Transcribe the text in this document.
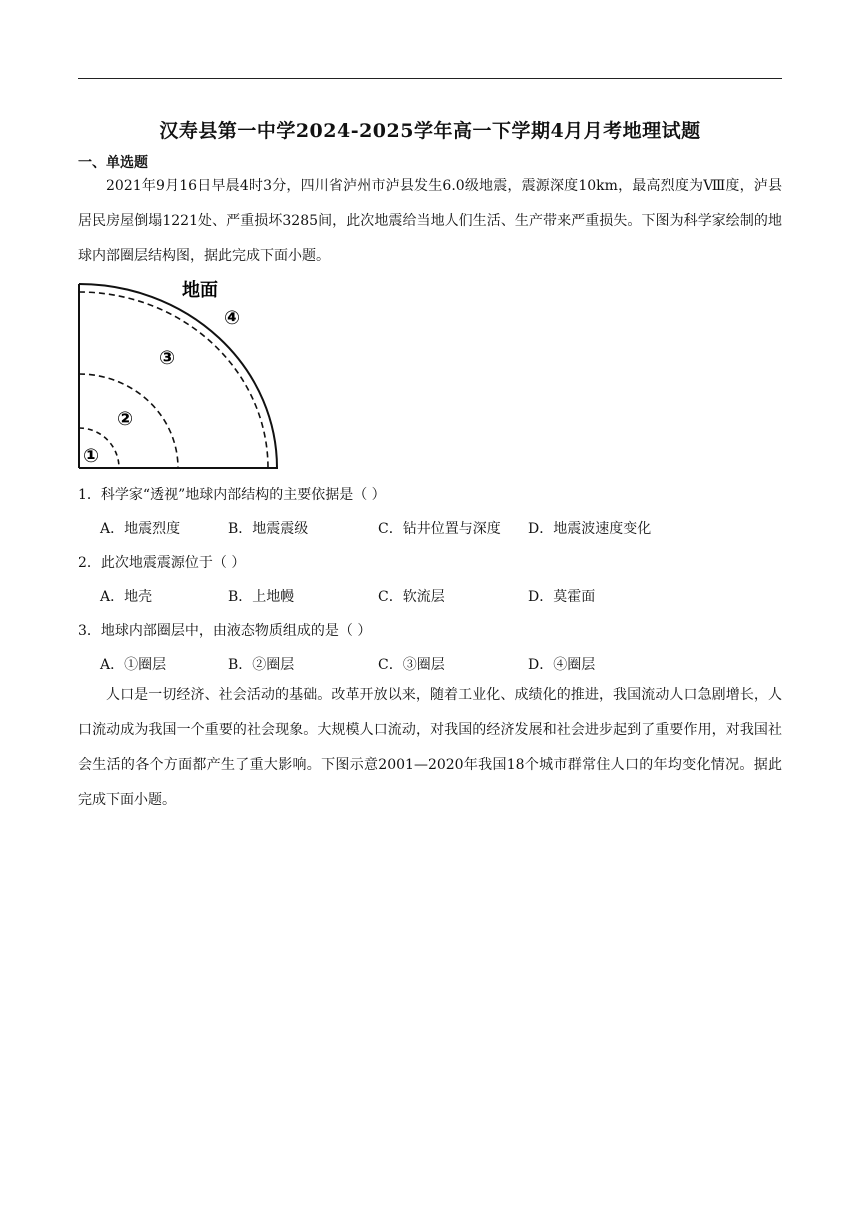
汉寿县第一中学2024-2025学年高一下学期4月月考地理试题
一、单选题
2021年9月16日早晨4时3分，四川省泸州市泸县发生6.0级地震，震源深度10km，最高烈度为Ⅷ度，泸县居民房屋倒塌1221处、严重损坏3285间，此次地震给当地人们生活、生产带来严重损失。下图为科学家绘制的地球内部圈层结构图，据此完成下面小题。
地面
④
③
②
①
1．科学家“透视”地球内部结构的主要依据是（ ）
A．地震烈度	B．地震震级	C．钻井位置与深度 D．地震波速度变化
2．此次地震震源位于（ ）
A．地壳	B．上地幔	C．软流层	D．莫霍面
3．地球内部圈层中，由液态物质组成的是（ ）
A．①圈层	B．②圈层	C．③圈层	D．④圈层
人口是一切经济、社会活动的基础。改革开放以来，随着工业化、成绩化的推进，我国流动人口急剧增长，人口流动成为我国一个重要的社会现象。大规模人口流动，对我国的经济发展和社会进步起到了重要作用，对我国社会生活的各个方面都产生了重大影响。下图示意2001—2020年我国18个城市群常住人口的年均变化情况。据此完成下面小题。
